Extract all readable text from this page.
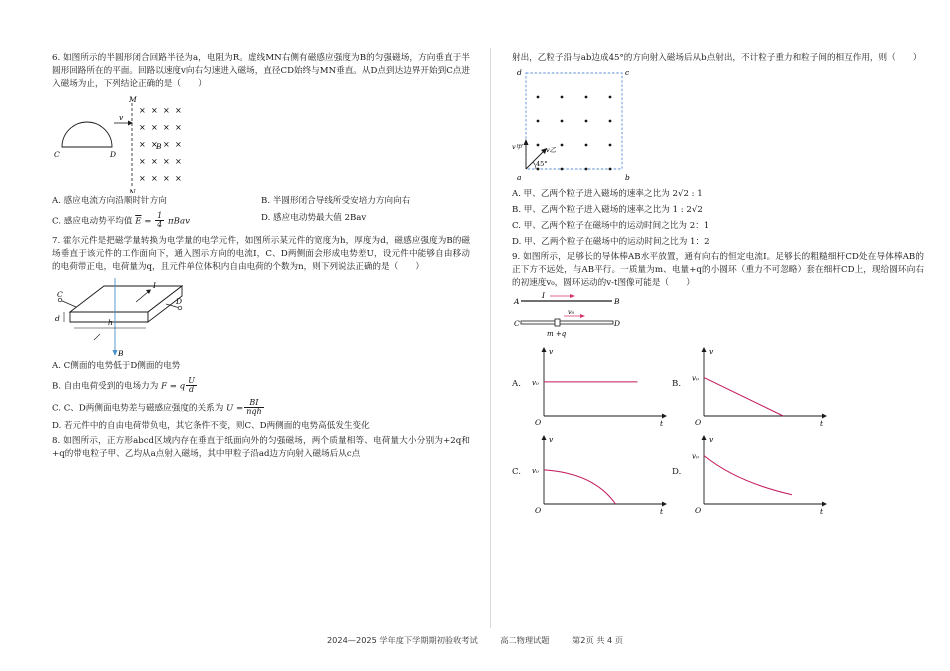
6. 如图所示的半圆形闭合回路半径为a，电阻为R。虚线MN右侧有磁感应强度为B的匀强磁场，方向垂直于半圆形回路所在的平面。回路以速度v向右匀速进入磁场，直径CD始终与MN垂直。从D点到达边界开始到C点进入磁场为止，下列结论正确的是（　　）

v
M
N
C	D
B
× × × ×
× × × ×
× × × ×
× × × ×
× × × ×
A. 感应电流方向沿顺时针方向	B. 半圆形闭合导线所受安培力方向向右
C. 感应电动势平均值 $\overline{E} = \frac{1}{4}$ πBav	D. 感应电动势最大值 2Bav

7. 霍尔元件是把磁学量转换为电学量的电学元件，如图所示某元件的宽度为h，厚度为d，磁感应强度为B的磁场垂直于该元件的工作面向下，通入图示方向的电流I，C、D两侧面会形成电势差U，设元件中能够自由移动的电荷带正电，电荷量为q，且元件单位体积内自由电荷的个数为n，则下列说法正确的是（　　）

B
I
C
D
h
d
A. C侧面的电势低于D侧面的电势
B. 自由电荷受到的电场力为 F = q $\frac{U}{d}$
C. C、D两侧面电势差与磁感应强度的关系为 $U = \frac{BI}{\text{nqh}}$
D. 若元件中的自由电荷带负电，其它条件不变，则C、D两侧面的电势高低发生变化

8. 如图所示，正方形abcd区域内存在垂直于纸面向外的匀强磁场，两个质量相等、电荷量大小分别为+2q和+q的带电粒子甲、乙均从a点射入磁场，其中甲粒子沿ad边方向射入磁场后从c点

射出，乙粒子沿与ab边成45°的方向射入磁场后从b点射出，不计粒子重力和粒子间的相互作用，则（　　）

d	c
a	b
v甲	v乙
45°
A. 甲、乙两个粒子进入磁场的速率之比为 2√2 : 1
B. 甲、乙两个粒子进入磁场的速率之比为 1 : 2√2
C. 甲、乙两个粒子在磁场中的运动时间之比为 2：1
D. 甲、乙两个粒子在磁场中的运动时间之比为 1：2

9. 如图所示，足够长的导体棒AB水平放置，通有向右的恒定电流I。足够长的粗糙细杆CD处在导体棒AB的正下方不远处，与AB平行。一质量为m、电量+q的小圆环（重力不可忽略）套在细杆CD上，现给圆环向右的初速度v₀，圆环运动的v-t图像可能是（　　）

A	B
I
C	D
v₀
m +q
A.
v
t
O
v₀	B.
v
t
O
v₀
C.
v
t
O
v₀	D.
v
t
O
v₀
2024—2025 学年度下学期期初验收考试	高二物理试题	第2页 共 4 页
